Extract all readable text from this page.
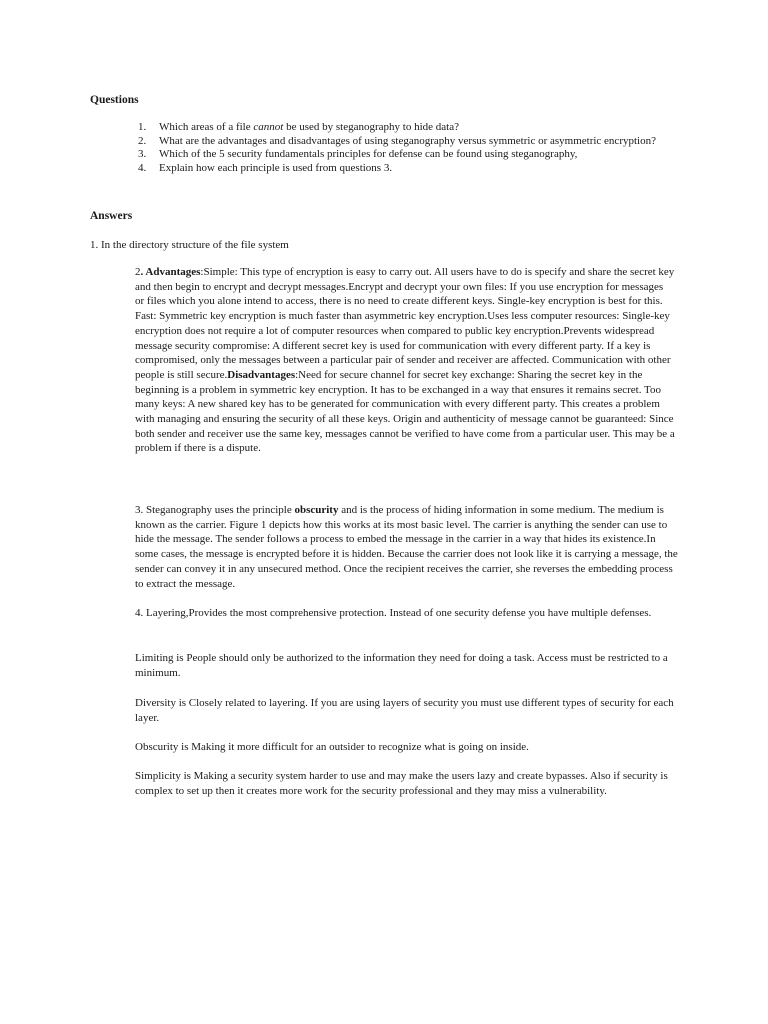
Questions
1. Which areas of a file cannot be used by steganography to hide data?
2. What are the advantages and disadvantages of using steganography versus symmetric or asymmetric encryption?
3. Which of the 5 security fundamentals principles for defense can be found using steganography,
4. Explain how each principle is used from questions 3.
Answers

1. In the directory structure of the file system

2. Advantages:Simple: This type of encryption is easy to carry out. All users have to do is specify and share the secret key and then begin to encrypt and decrypt messages.Encrypt and decrypt your own files: If you use encryption for messages or files which you alone intend to access, there is no need to create different keys. Single-key encryption is best for this. Fast: Symmetric key encryption is much faster than asymmetric key encryption.Uses less computer resources: Single-key encryption does not require a lot of computer resources when compared to public key encryption.Prevents widespread message security compromise: A different secret key is used for communication with every different party. If a key is compromised, only the messages between a particular pair of sender and receiver are affected. Communication with other people is still secure.Disadvantages:Need for secure channel for secret key exchange: Sharing the secret key in the beginning is a problem in symmetric key encryption. It has to be exchanged in a way that ensures it remains secret. Too many keys: A new shared key has to be generated for communication with every different party. This creates a problem with managing and ensuring the security of all these keys. Origin and authenticity of message cannot be guaranteed: Since both sender and receiver use the same key, messages cannot be verified to have come from a particular user. This may be a problem if there is a dispute.

3. Steganography uses the principle obscurity and is the process of hiding information in some medium. The medium is known as the carrier. Figure 1 depicts how this works at its most basic level. The carrier is anything the sender can use to hide the message. The sender follows a process to embed the message in the carrier in a way that hides its existence.In some cases, the message is encrypted before it is hidden. Because the carrier does not look like it is carrying a message, the sender can convey it in any unsecured method. Once the recipient receives the carrier, she reverses the embedding process to extract the message.

4. Layering,Provides the most comprehensive protection. Instead of one security defense you have multiple defenses.

Limiting is People should only be authorized to the information they need for doing a task. Access must be restricted to a minimum.

Diversity is Closely related to layering. If you are using layers of security you must use different types of security for each layer.

Obscurity is Making it more difficult for an outsider to recognize what is going on inside.

Simplicity is Making a security system harder to use and may make the users lazy and create bypasses. Also if security is complex to set up then it creates more work for the security professional and they may miss a vulnerability.
